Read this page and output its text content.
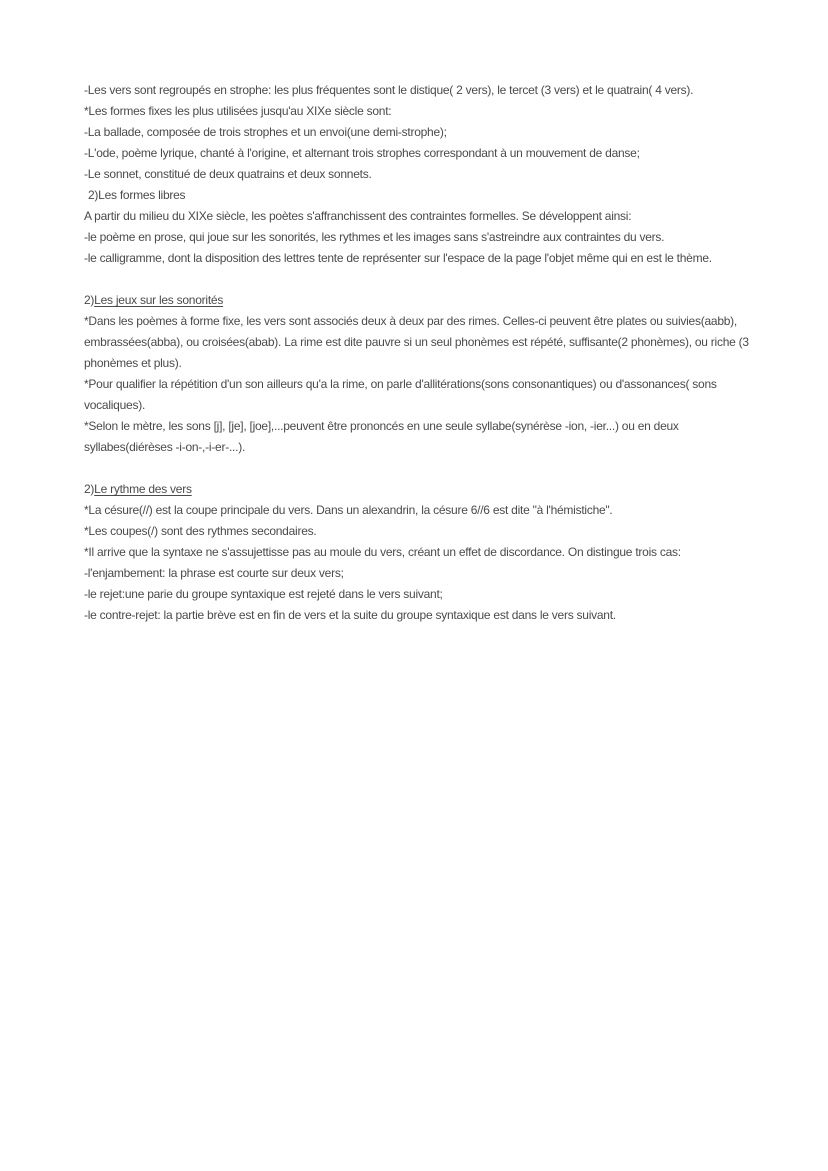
-Les vers sont regroupés en strophe: les plus fréquentes sont le distique( 2 vers), le tercet (3 vers) et le quatrain( 4 vers).
*Les formes fixes les plus utilisées jusqu'au XIXe siècle sont:
-La ballade, composée de trois strophes et un envoi(une demi-strophe);
-L'ode, poème lyrique, chanté à l'origine, et alternant trois strophes correspondant à un mouvement de danse;
-Le sonnet, constitué de deux quatrains et deux sonnets.
2)Les formes libres
A partir du milieu du XIXe siècle, les poètes s'affranchissent des contraintes formelles. Se développent ainsi:
-le poème en prose, qui joue sur les sonorités, les rythmes et les images sans s'astreindre aux contraintes du vers.
-le calligramme, dont la disposition des lettres tente de représenter sur l'espace de la page l'objet même qui en est le thème.
2)Les jeux sur les sonorités
*Dans les poèmes à forme fixe, les vers sont associés deux à deux par des rimes. Celles-ci peuvent être plates ou suivies(aabb), embrassées(abba), ou croisées(abab). La rime est dite pauvre si un seul phonèmes est répété, suffisante(2 phonèmes), ou riche (3 phonèmes et plus).
*Pour qualifier la répétition d'un son ailleurs qu'a la rime, on parle d'allitérations(sons consonantiques) ou d'assonances( sons vocaliques).
*Selon le mètre, les sons [j], [je], [joe],...peuvent être prononcés en une seule syllabe(synérèse -ion, -ier...) ou en deux syllabes(diérèses -i-on-,-i-er-...).
2)Le rythme des vers
*La césure(//) est la coupe principale du vers. Dans un alexandrin, la césure 6//6 est dite "à l'hémistiche".
*Les coupes(/) sont des rythmes secondaires.
*Il arrive que la syntaxe ne s'assujettisse pas au moule du vers, créant un effet de discordance. On distingue trois cas:
-l'enjambement: la phrase est courte sur deux vers;
-le rejet:une parie du groupe syntaxique est rejeté dans le vers suivant;
-le contre-rejet: la partie brève est en fin de vers et la suite du groupe syntaxique est dans le vers suivant.
